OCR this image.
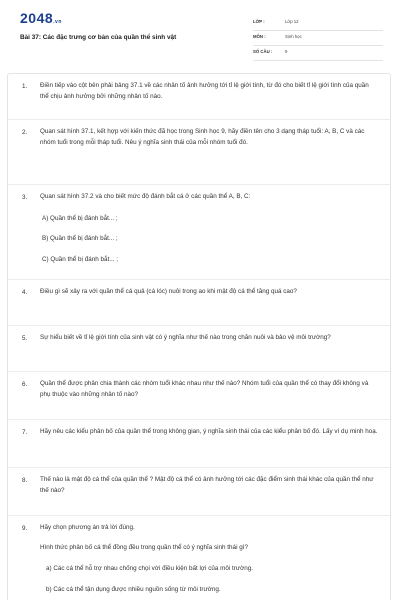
2048.vn
Bài 37: Các đặc trưng cơ bản của quần thể sinh vật
LỚP :	Lớp 12
MÔN :	Sinh học
SỐ CÂU :	9
1. Điền tiếp vào cột bên phải bảng 37.1 về các nhân tố ảnh hưởng tới tỉ lệ giới tính, từ đó cho biết tỉ lệ giới tính của quần thể chịu ảnh hưởng bởi những nhân tố nào.
2. Quan sát hình 37.1, kết hợp với kiến thức đã học trong Sinh học 9, hãy điền tên cho 3 dạng tháp tuổi: A, B, C và các nhóm tuổi trong mỗi tháp tuổi. Nêu ý nghĩa sinh thái của mỗi nhóm tuổi đó.
3. Quan sát hình 37.2 và cho biết mức độ đánh bắt cá ở các quần thể A, B, C:
A) Quần thể bị đánh bắt... ;
B) Quần thể bị đánh bắt... ;
C) Quần thể bị đánh bắt... ;
4. Điều gì sẽ xảy ra với quần thể cá quả (cá lóc) nuôi trong ao khi mật độ cá thể tăng quá cao?
5. Sự hiểu biết về tỉ lệ giới tính của sinh vật có ý nghĩa như thế nào trong chăn nuôi và bảo vệ môi trường?
6. Quần thể được phân chia thành các nhóm tuổi khác nhau như thế nào? Nhóm tuổi của quần thể có thay đổi không và phụ thuộc vào những nhân tố nào?
7. Hãy nêu các kiểu phân bố của quần thể trong không gian, ý nghĩa sinh thái của các kiểu phân bố đó. Lấy ví dụ minh hoạ.
8. Thế nào là mật độ cá thể của quần thể ? Mật độ cá thể có ảnh hưởng tới các đặc điểm sinh thái khác của quần thể như thế nào?
9. Hãy chọn phương án trả lời đúng.
Hình thức phân bố cá thể đồng đều trong quần thể có ý nghĩa sinh thái gì?
a) Các cá thể hỗ trợ nhau chống chọi với điều kiện bất lợi của môi trường.
b) Các cá thể tận dụng được nhiều nguồn sống từ môi trường.
